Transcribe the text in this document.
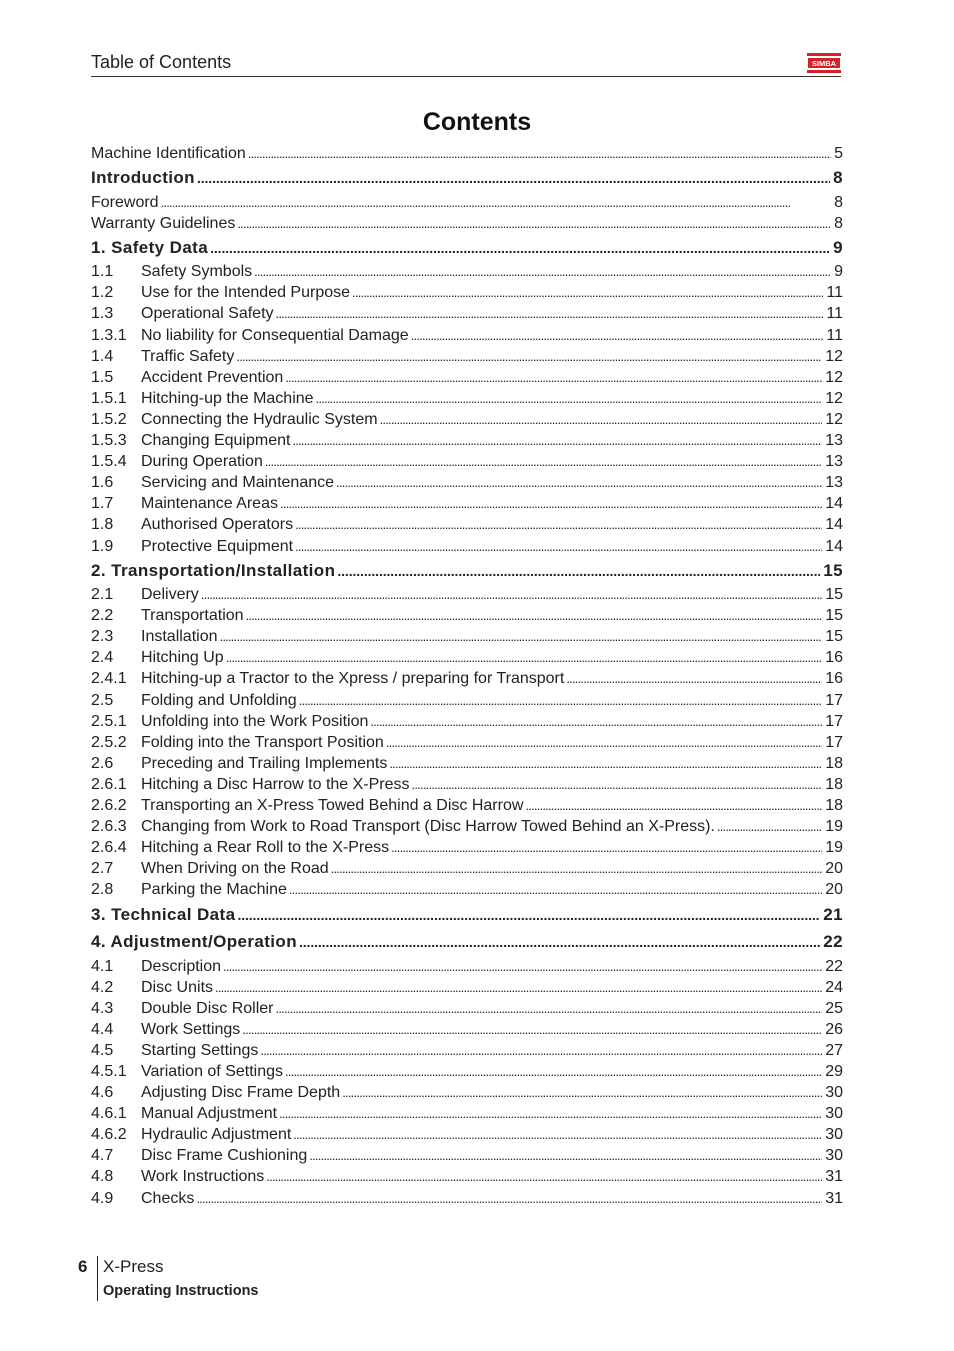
Table of Contents	SIMBA
Contents
Machine Identification . . .	5
Introduction . . .	8
Foreword . . .	8
Warranty Guidelines . . .	8
1. Safety Data . . .	9
1.1	Safety Symbols . . .	9
1.2	Use for the Intended Purpose . . .	11
1.3	Operational Safety . . .	11
1.3.1 No liability for Consequential Damage . . .	11
1.4	Traffic Safety . . .	12
1.5	Accident Prevention . . .	12
1.5.1 Hitching-up the Machine . . .	12
1.5.2 Connecting the Hydraulic System . . .	12
1.5.3 Changing Equipment . . .	13
1.5.4 During Operation . . .	13
1.6	Servicing and Maintenance . . .	13
1.7	Maintenance Areas . . .	14
1.8	Authorised Operators . . .	14
1.9	Protective Equipment . . .	14
2. Transportation/Installation . . .	15
2.1	Delivery . . .	15
2.2	Transportation . . .	15
2.3	Installation . . .	15
2.4	Hitching Up . . .	16
2.4.1 Hitching-up a Tractor to the Xpress / preparing for Transport . . .	16
2.5	Folding and Unfolding . . .	17
2.5.1 Unfolding into the Work Position . . .	17
2.5.2 Folding into the Transport Position . . .	17
2.6	Preceding and Trailing Implements . . .	18
2.6.1 Hitching a Disc Harrow to the X-Press . . .	18
2.6.2 Transporting an X-Press Towed Behind a Disc Harrow . . .	18
2.6.3 Changing from Work to Road Transport (Disc Harrow Towed Behind an X-Press). . . .	19
2.6.4 Hitching a Rear Roll to the X-Press . . .	19
2.7	When Driving on the Road . . .	20
2.8	Parking the Machine . . .	20
3. Technical Data . . .	21
4. Adjustment/Operation . . .	22
4.1	Description . . .	22
4.2	Disc Units . . .	24
4.3	Double Disc Roller . . .	25
4.4	Work Settings . . .	26
4.5	Starting Settings . . .	27
4.5.1 Variation of Settings . . .	29
4.6	Adjusting Disc Frame Depth . . .	30
4.6.1 Manual Adjustment . . .	30
4.6.2 Hydraulic Adjustment . . .	30
4.7	Disc Frame Cushioning . . .	30
4.8	Work Instructions . . .	31
4.9	Checks . . .	31
6 X-Press
Operating Instructions
